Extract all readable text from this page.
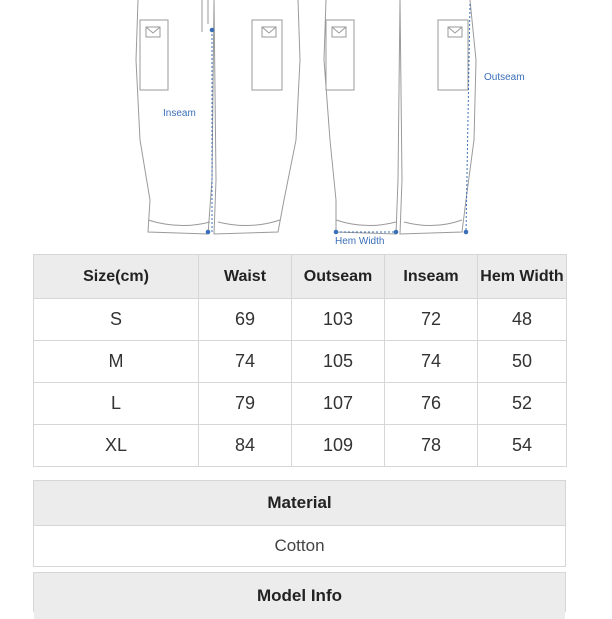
Inseam
Outseam
Hem Width
Size(cm)	Waist	Outseam	Inseam	Hem Width
S	69	103	72	48
M	74	105	74	50
L	79	107	76	52
XL	84	109	78	54
Material
Cotton
Model Info
